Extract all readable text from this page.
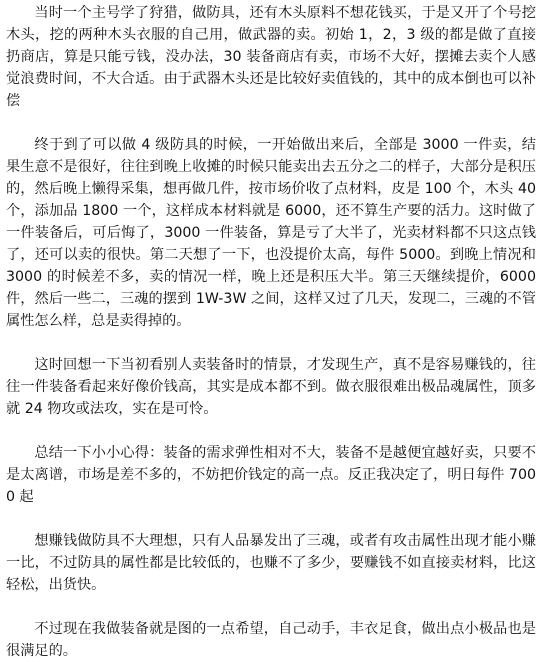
当时一个主号学了狩猎，做防具，还有木头原料不想花钱买，于是又开了个号挖木头，挖的两种木头衣服的自己用，做武器的卖。初始 1，2，3 级的都是做了直接扔商店，算是只能亏钱，没办法，30 装备商店有卖，市场不大好，摆摊去卖个人感觉浪费时间，不大合适。由于武器木头还是比较好卖值钱的，其中的成本倒也可以补偿

终于到了可以做 4 级防具的时候，一开始做出来后，全部是 3000 一件卖，结果生意不是很好，往往到晚上收摊的时候只能卖出去五分之二的样子，大部分是积压的，然后晚上懒得采集，想再做几件，按市场价收了点材料，皮是 100 个，木头 40 个，添加品 1800 一个，这样成本材料就是 6000，还不算生产要的活力。这时做了一件装备后，可后悔了，3000 一件装备，算是亏了大半了，光卖材料都不只这点钱了，还可以卖的很快。第二天想了一下，也没提价太高，每件 5000。到晚上情况和 3000 的时候差不多，卖的情况一样，晚上还是积压大半。第三天继续提价，6000 件，然后一些二，三魂的摆到 1W-3W 之间，这样又过了几天，发现二，三魂的不管属性怎么样，总是卖得掉的。

这时回想一下当初看别人卖装备时的情景，才发现生产，真不是容易赚钱的，往往一件装备看起来好像价钱高，其实是成本都不到。做衣服很难出极品魂属性，顶多就 24 物攻或法攻，实在是可怜。

总结一下小小心得：装备的需求弹性相对不大，装备不是越便宜越好卖，只要不是太离谱，市场是差不多的，不妨把价钱定的高一点。反正我决定了，明日每件 7000 起

想赚钱做防具不大理想，只有人品暴发出了三魂，或者有攻击属性出现才能小赚一比，不过防具的属性都是比较低的，也赚不了多少，要赚钱不如直接卖材料，比这轻松，出货快。

不过现在我做装备就是图的一点希望，自己动手，丰衣足食，做出点小极品也是很满足的。
